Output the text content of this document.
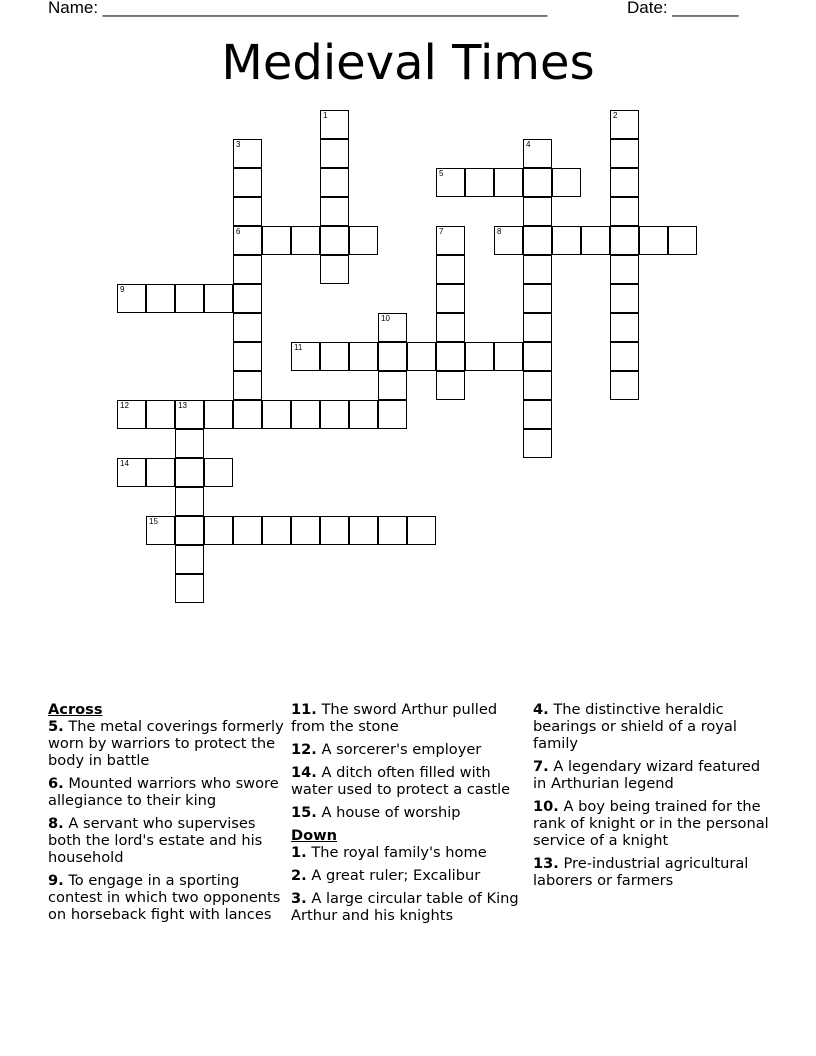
Name: _______________________________________________	Date: _______
Medieval Times
1	2
3
6
4
5
7	8
9
10
11
12	13
14
15
Across
5. The metal coverings formerly worn by warriors to protect the body in battle
6. Mounted warriors who swore allegiance to their king
8. A servant who supervises both the lord's estate and his household
9. To engage in a sporting contest in which two opponents on horseback fight with lances
11. The sword Arthur pulled from the stone
12. A sorcerer's employer
14. A ditch often filled with water used to protect a castle
15. A house of worship
Down
1. The royal family's home
2. A great ruler; Excalibur
3. A large circular table of King Arthur and his knights
4. The distinctive heraldic bearings or shield of a royal family
7. A legendary wizard featured in Arthurian legend
10. A boy being trained for the rank of knight or in the personal service of a knight
13. Pre-industrial agricultural laborers or farmers
